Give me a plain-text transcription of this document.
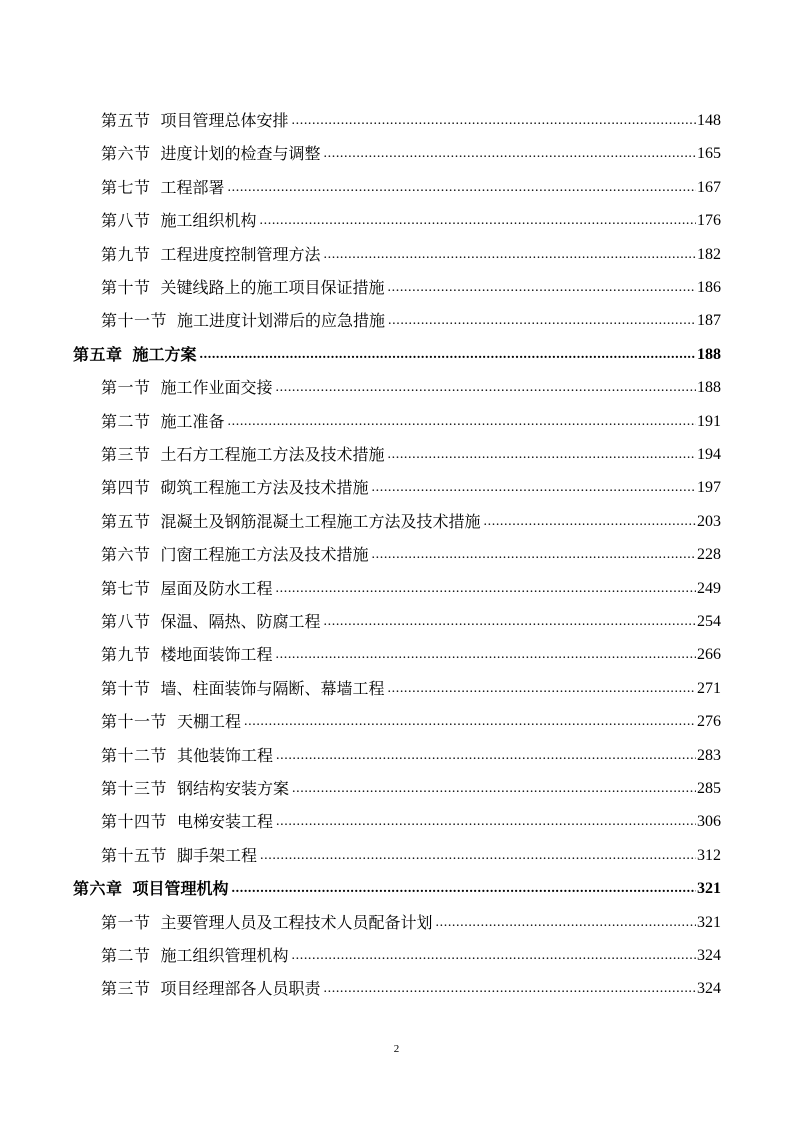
第五节 项目管理总体安排 .....	148
第六节 进度计划的检查与调整 .....	165
第七节 工程部署 .....	167
第八节 施工组织机构 .....	176
第九节 工程进度控制管理方法 .....	182
第十节 关键线路上的施工项目保证措施 .....	186
第十一节 施工进度计划滞后的应急措施 .....	187
第五章 施工方案 .....	188
第一节 施工作业面交接 .....	188
第二节 施工准备 .....	191
第三节 土石方工程施工方法及技术措施 .....	194
第四节 砌筑工程施工方法及技术措施 .....	197
第五节 混凝土及钢筋混凝土工程施工方法及技术措施 .....	203
第六节 门窗工程施工方法及技术措施 .....	228
第七节 屋面及防水工程 .....	249
第八节 保温、隔热、防腐工程 .....	254
第九节 楼地面装饰工程 .....	266
第十节 墙、柱面装饰与隔断、幕墙工程 .....	271
第十一节 天棚工程 .....	276
第十二节 其他装饰工程 .....	283
第十三节 钢结构安装方案 .....	285
第十四节 电梯安装工程 .....	306
第十五节 脚手架工程 .....	312
第六章 项目管理机构 .....	321
第一节 主要管理人员及工程技术人员配备计划 .....	321
第二节 施工组织管理机构 .....	324
第三节 项目经理部各人员职责 .....	324
2
